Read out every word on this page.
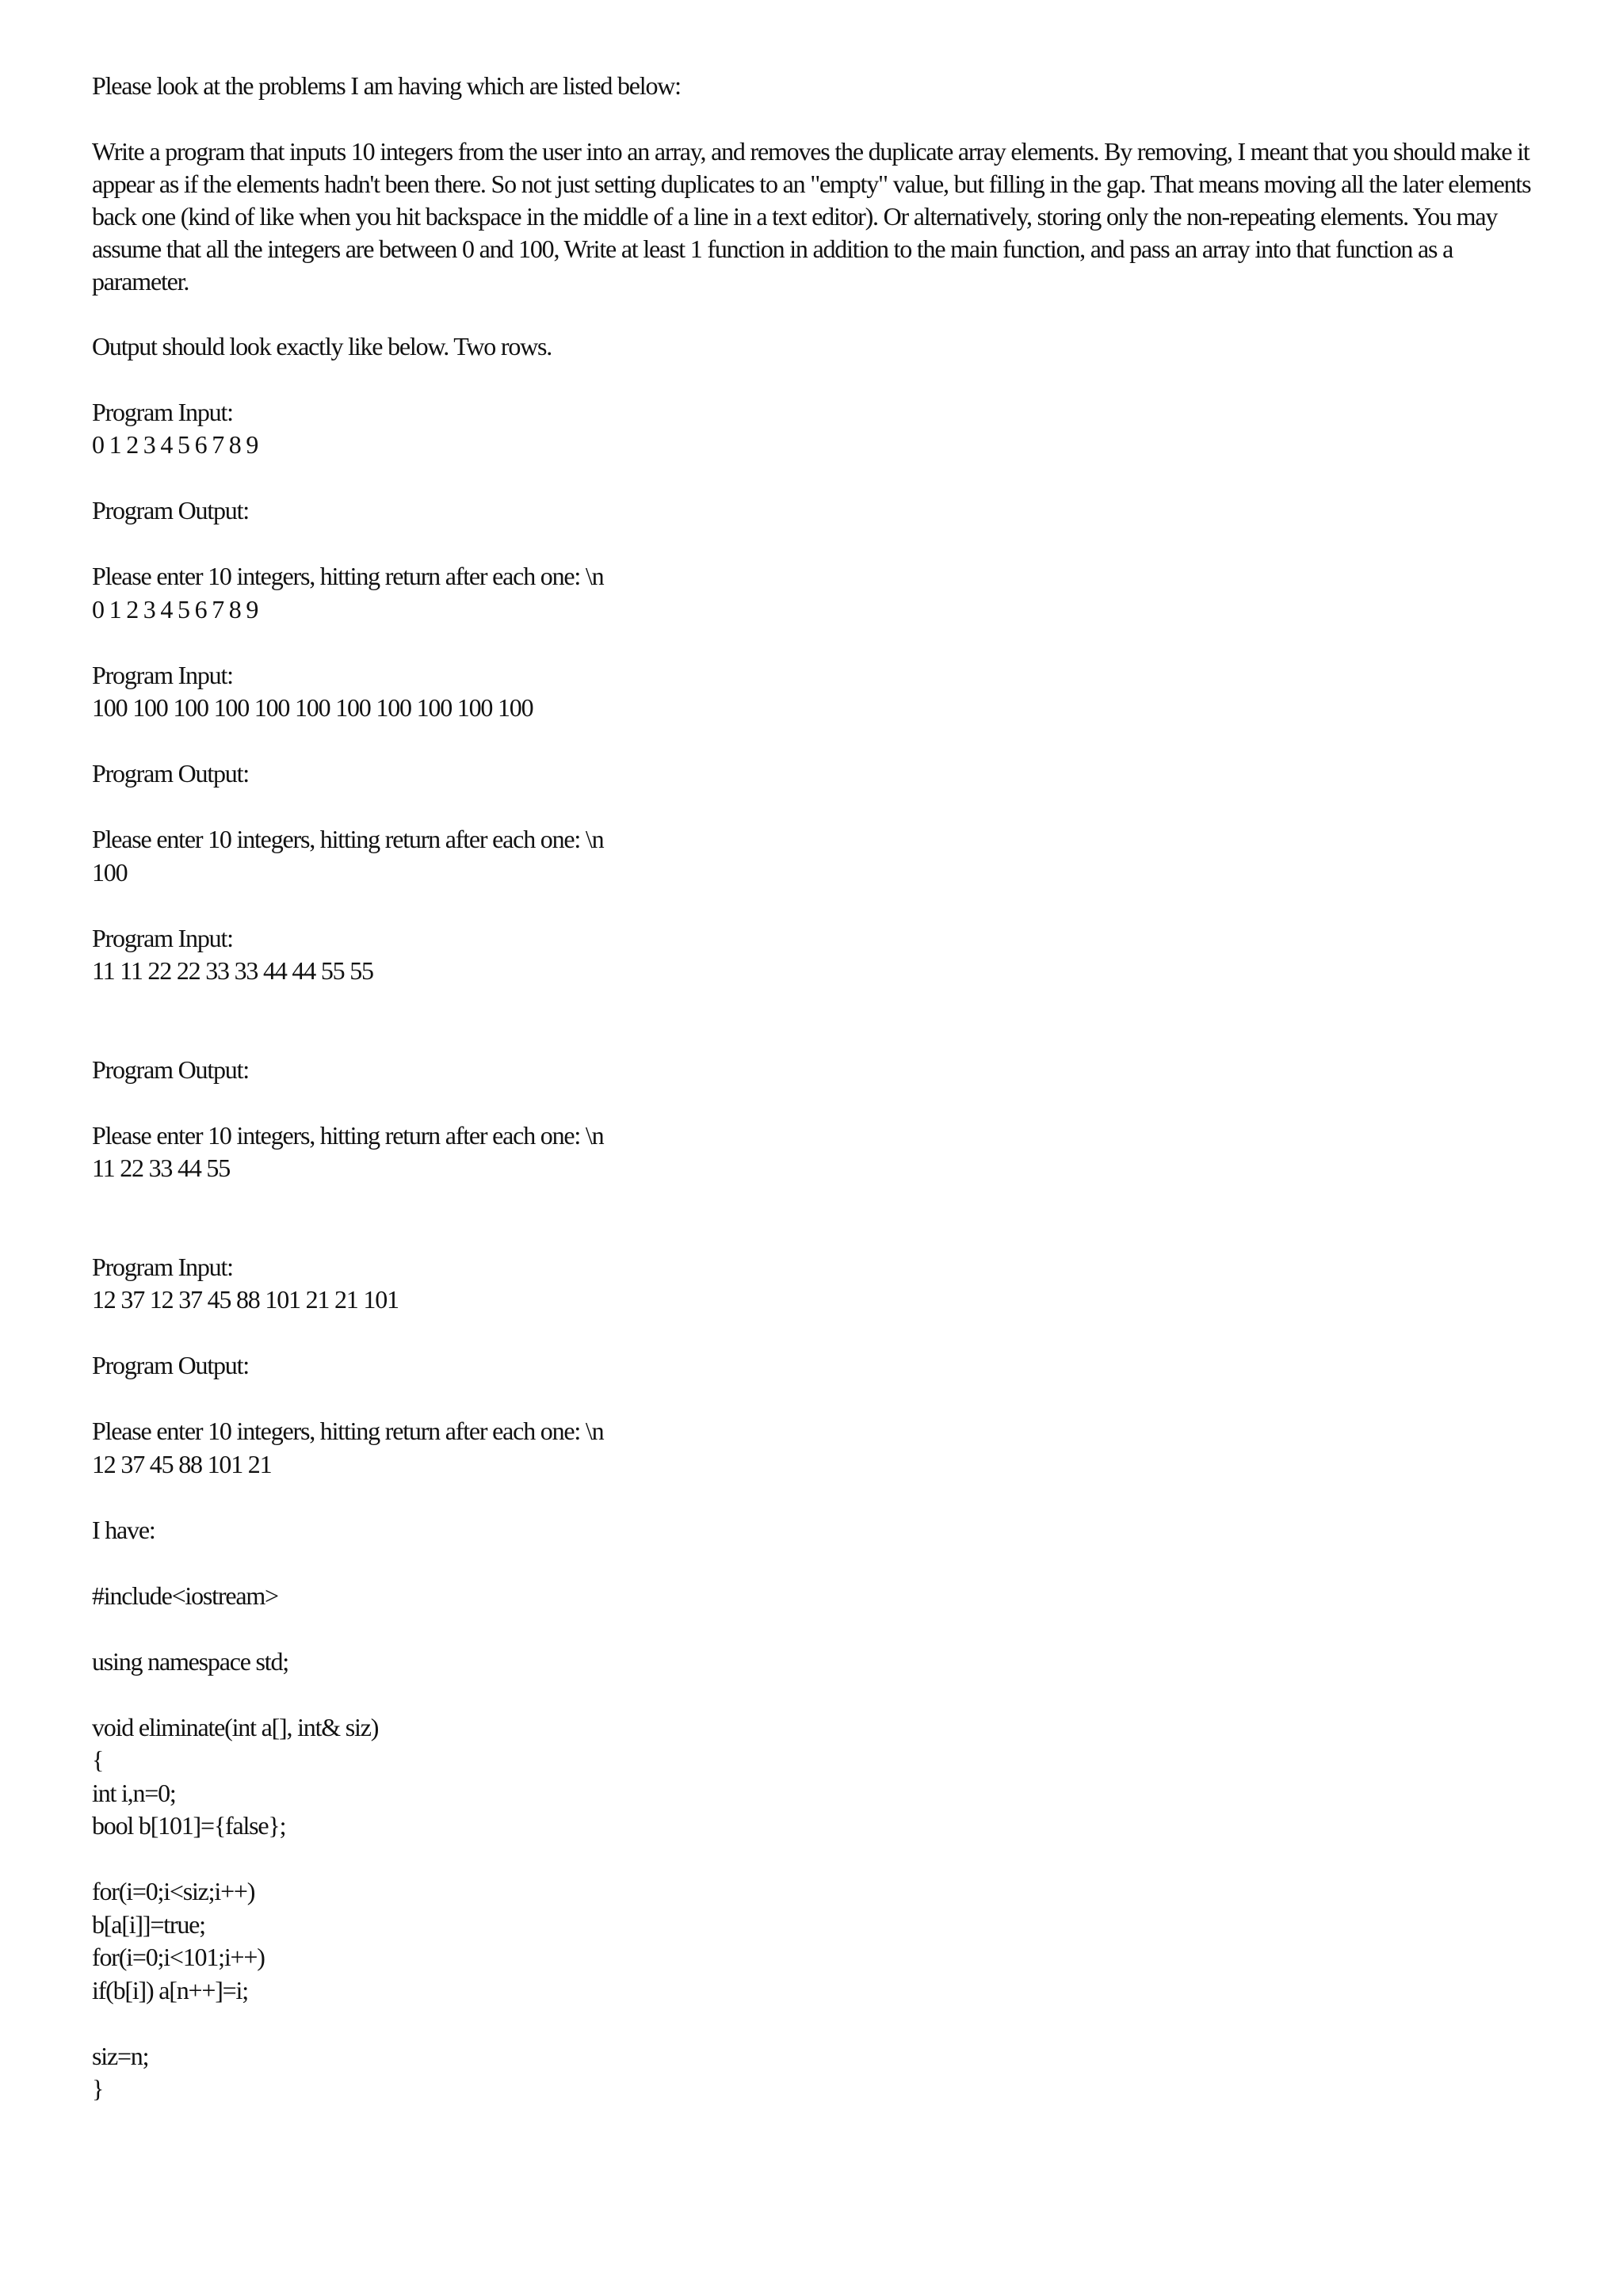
Please look at the problems I am having which are listed below:

Write a program that inputs 10 integers from the user into an array, and removes the duplicate array elements. By removing, I meant that you should make it appear as if the elements hadn't been there. So not just setting duplicates to an "empty" value, but filling in the gap. That means moving all the later elements back one (kind of like when you hit backspace in the middle of a line in a text editor). Or alternatively, storing only the non-repeating elements. You may assume that all the integers are between 0 and 100, Write at least 1 function in addition to the main function, and pass an array into that function as a parameter.

Output should look exactly like below. Two rows.

Program Input:
0 1 2 3 4 5 6 7 8 9
Program Output:
Please enter 10 integers, hitting return after each one: \n
0 1 2 3 4 5 6 7 8 9
Program Input:
100 100 100 100 100 100 100 100 100 100 100
Program Output:
Please enter 10 integers, hitting return after each one: \n
100
Program Input:
11 11 22 22 33 33 44 44 55 55
Program Output:
Please enter 10 integers, hitting return after each one: \n
11 22 33 44 55
Program Input:
12 37 12 37 45 88 101 21 21 101
Program Output:
Please enter 10 integers, hitting return after each one: \n
12 37 45 88 101 21
I have:
#include<iostream>
using namespace std;
void eliminate(int a[], int& siz)
{
int i,n=0;
bool b[101]={false};
for(i=0;i<siz;i++)
b[a[i]]=true;
for(i=0;i<101;i++)
if(b[i]) a[n++]=i;
siz=n;
}
